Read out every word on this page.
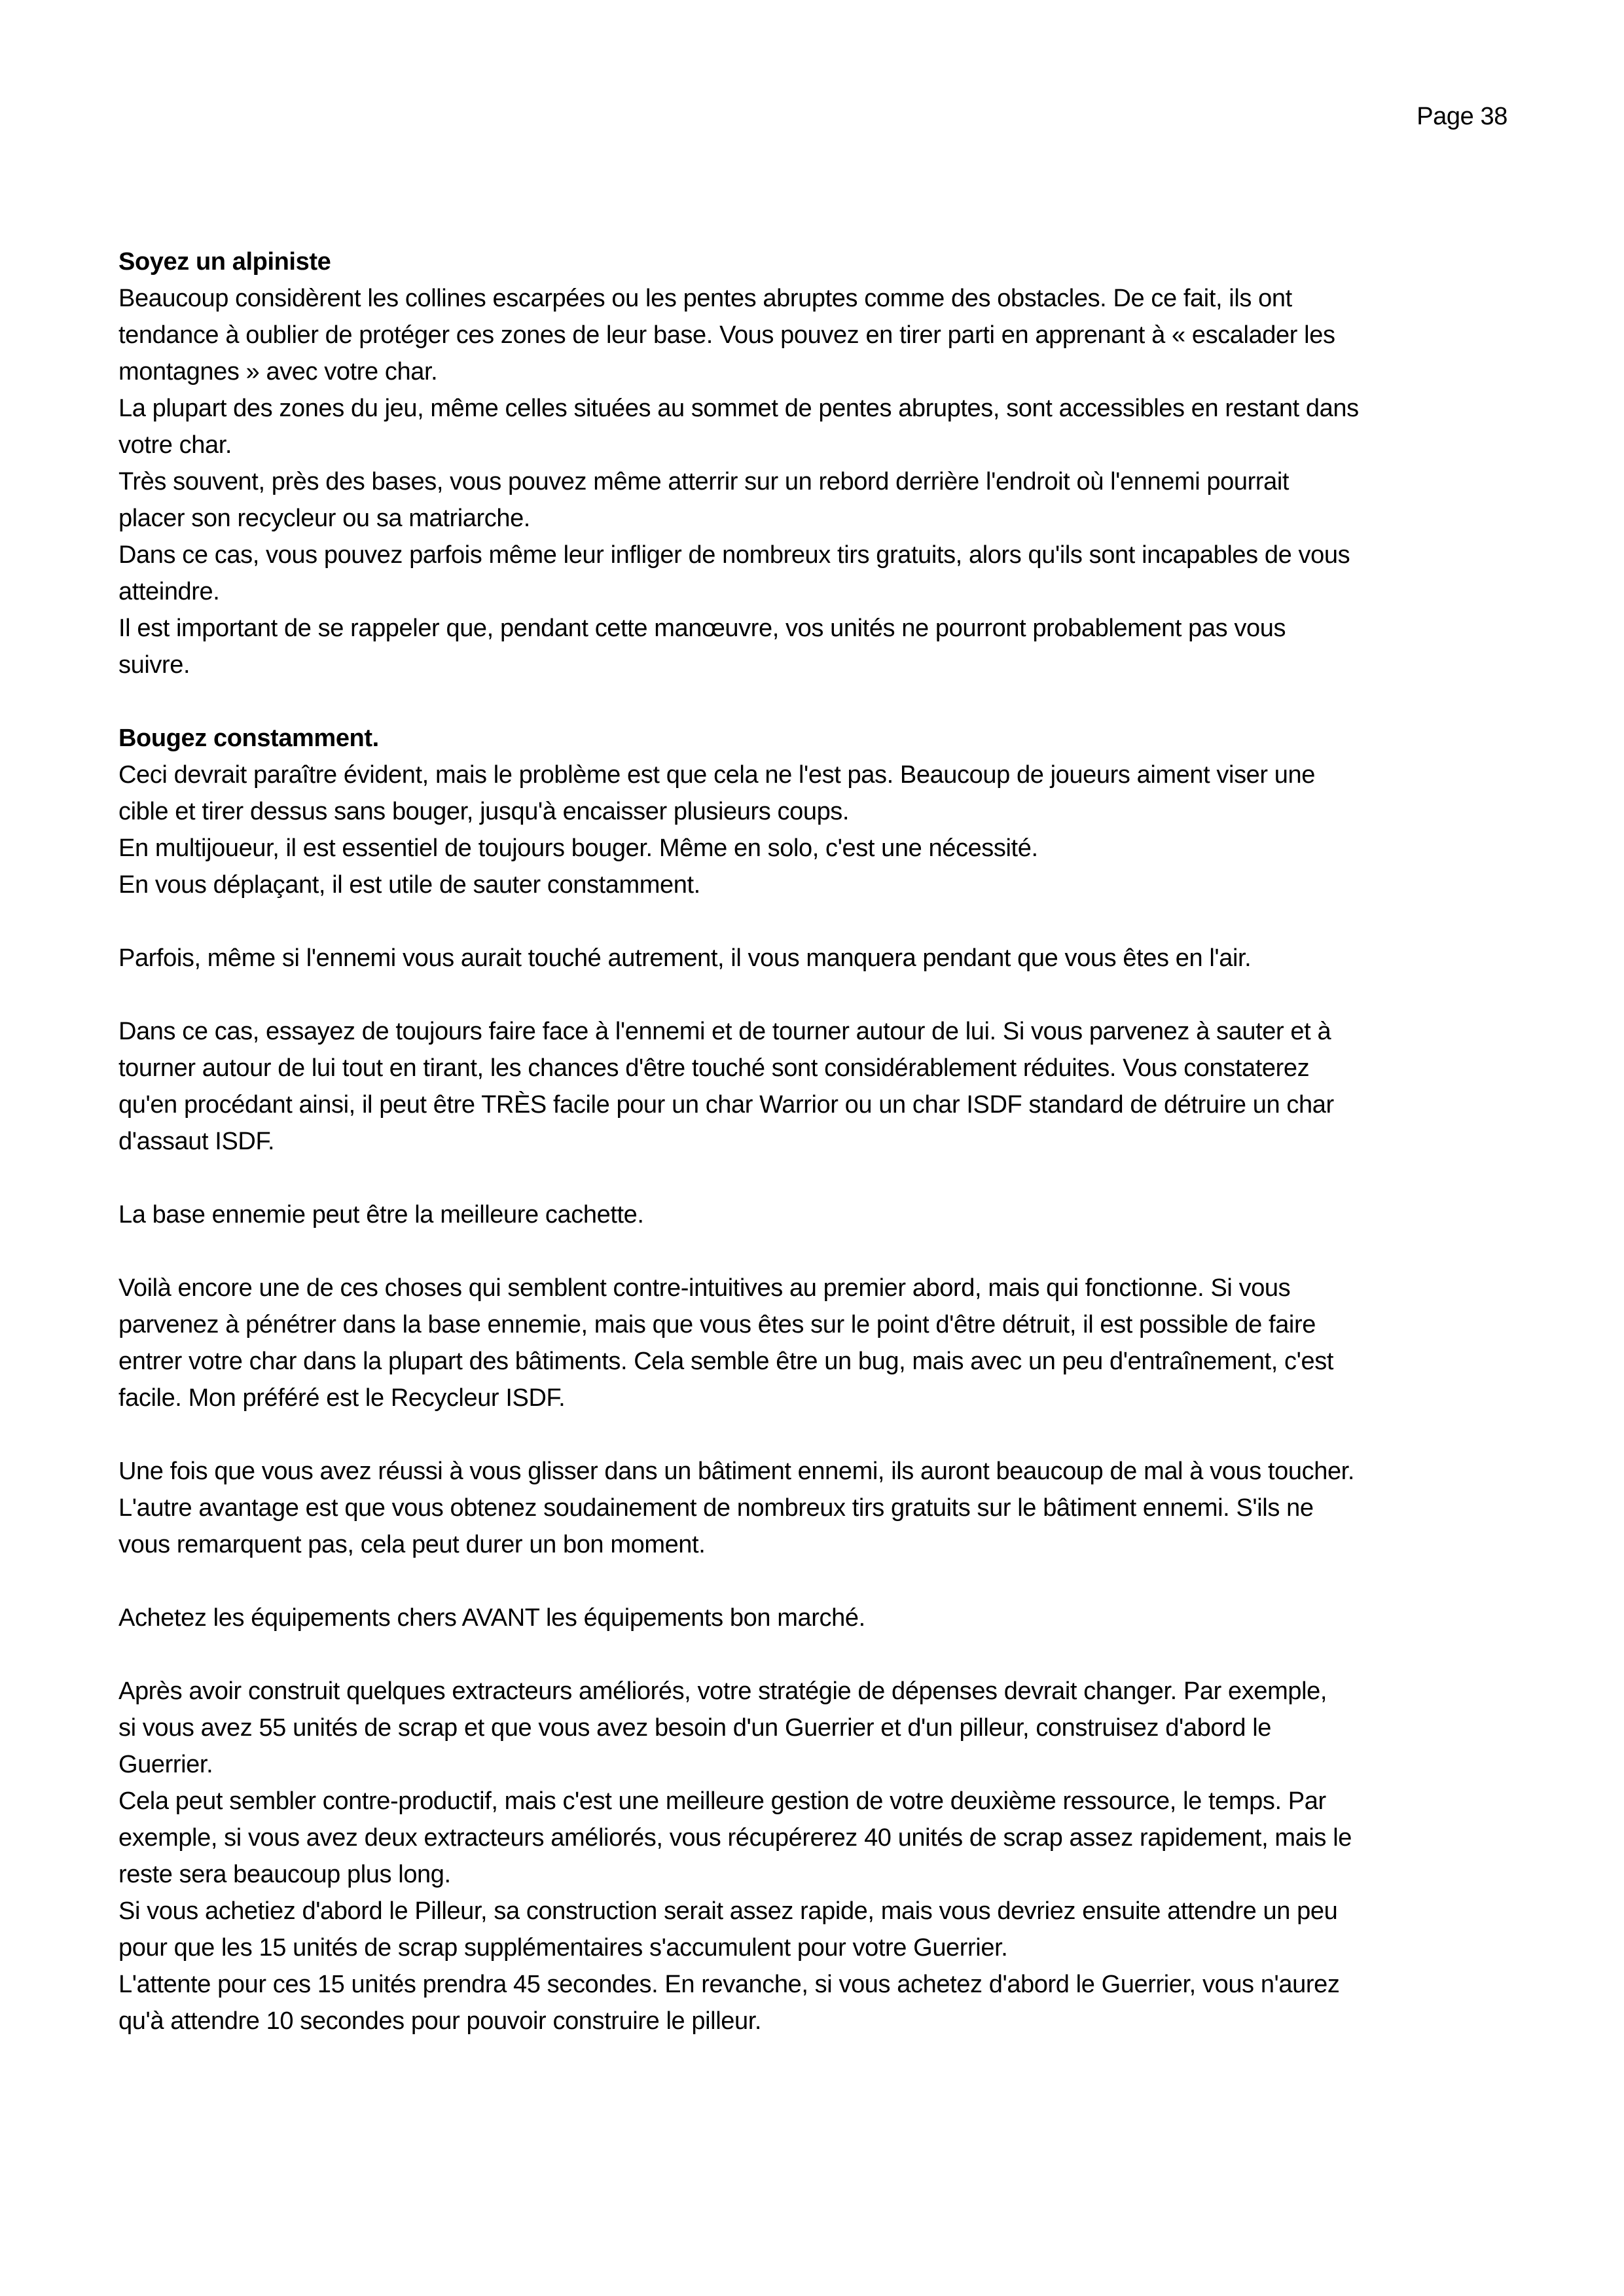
Page 38
Soyez un alpiniste
Beaucoup considèrent les collines escarpées ou les pentes abruptes comme des obstacles. De ce fait, ils ont
tendance à oublier de protéger ces zones de leur base. Vous pouvez en tirer parti en apprenant à « escalader les
montagnes » avec votre char.
La plupart des zones du jeu, même celles situées au sommet de pentes abruptes, sont accessibles en restant dans
votre char.
Très souvent, près des bases, vous pouvez même atterrir sur un rebord derrière l'endroit où l'ennemi pourrait
placer son recycleur ou sa matriarche.
Dans ce cas, vous pouvez parfois même leur infliger de nombreux tirs gratuits, alors qu'ils sont incapables de vous
atteindre.
Il est important de se rappeler que, pendant cette manœuvre, vos unités ne pourront probablement pas vous
suivre.
Bougez constamment.
Ceci devrait paraître évident, mais le problème est que cela ne l'est pas. Beaucoup de joueurs aiment viser une
cible et tirer dessus sans bouger, jusqu'à encaisser plusieurs coups.
En multijoueur, il est essentiel de toujours bouger. Même en solo, c'est une nécessité.
En vous déplaçant, il est utile de sauter constamment.
Parfois, même si l'ennemi vous aurait touché autrement, il vous manquera pendant que vous êtes en l'air.
Dans ce cas, essayez de toujours faire face à l'ennemi et de tourner autour de lui. Si vous parvenez à sauter et à
tourner autour de lui tout en tirant, les chances d'être touché sont considérablement réduites. Vous constaterez
qu'en procédant ainsi, il peut être TRÈS facile pour un char Warrior ou un char ISDF standard de détruire un char
d'assaut ISDF.
La base ennemie peut être la meilleure cachette.
Voilà encore une de ces choses qui semblent contre-intuitives au premier abord, mais qui fonctionne. Si vous
parvenez à pénétrer dans la base ennemie, mais que vous êtes sur le point d'être détruit, il est possible de faire
entrer votre char dans la plupart des bâtiments. Cela semble être un bug, mais avec un peu d'entraînement, c'est
facile. Mon préféré est le Recycleur ISDF.
Une fois que vous avez réussi à vous glisser dans un bâtiment ennemi, ils auront beaucoup de mal à vous toucher.
L'autre avantage est que vous obtenez soudainement de nombreux tirs gratuits sur le bâtiment ennemi. S'ils ne
vous remarquent pas, cela peut durer un bon moment.
Achetez les équipements chers AVANT les équipements bon marché.
Après avoir construit quelques extracteurs améliorés, votre stratégie de dépenses devrait changer. Par exemple,
si vous avez 55 unités de scrap et que vous avez besoin d'un Guerrier et d'un pilleur, construisez d'abord le
Guerrier.
Cela peut sembler contre-productif, mais c'est une meilleure gestion de votre deuxième ressource, le temps. Par
exemple, si vous avez deux extracteurs améliorés, vous récupérerez 40 unités de scrap assez rapidement, mais le
reste sera beaucoup plus long.
Si vous achetiez d'abord le Pilleur, sa construction serait assez rapide, mais vous devriez ensuite attendre un peu
pour que les 15 unités de scrap supplémentaires s'accumulent pour votre Guerrier.
L'attente pour ces 15 unités prendra 45 secondes. En revanche, si vous achetez d'abord le Guerrier, vous n'aurez
qu'à attendre 10 secondes pour pouvoir construire le pilleur.
